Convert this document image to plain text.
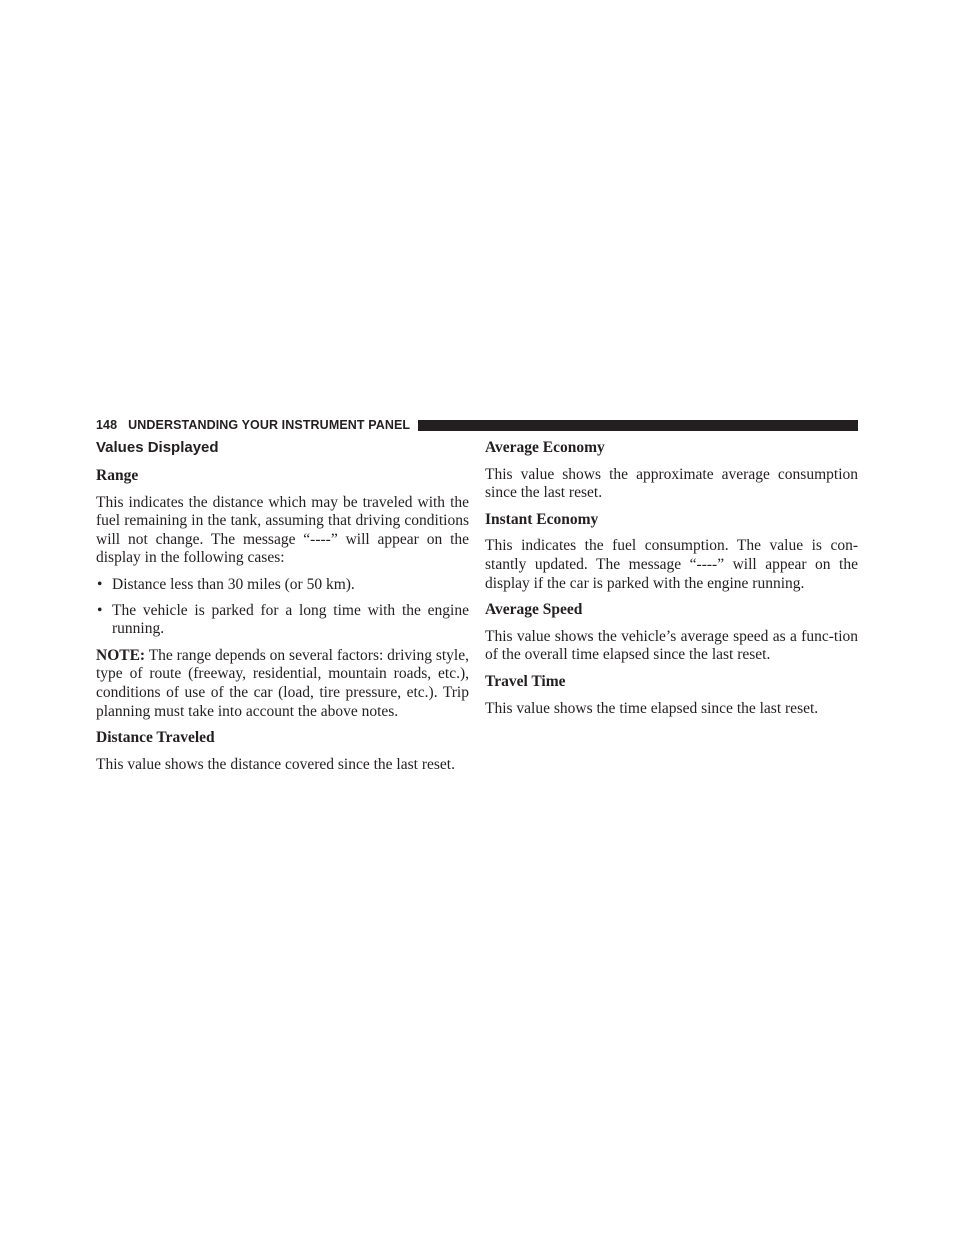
148 UNDERSTANDING YOUR INSTRUMENT PANEL
Values Displayed
Range

This indicates the distance which may be traveled with the fuel remaining in the tank, assuming that driving conditions will not change. The message “----” will appear on the display in the following cases:

• Distance less than 30 miles (or 50 km).
• The vehicle is parked for a long time with the engine running.

NOTE: The range depends on several factors: driving style, type of route (freeway, residential, mountain roads, etc.), conditions of use of the car (load, tire pressure, etc.). Trip planning must take into account the above notes.

Distance Traveled

This value shows the distance covered since the last reset.

Average Economy

This value shows the approximate average consumption since the last reset.

Instant Economy

This indicates the fuel consumption. The value is con-stantly updated. The message “----” will appear on the display if the car is parked with the engine running.

Average Speed

This value shows the vehicle’s average speed as a func-tion of the overall time elapsed since the last reset.

Travel Time

This value shows the time elapsed since the last reset.
